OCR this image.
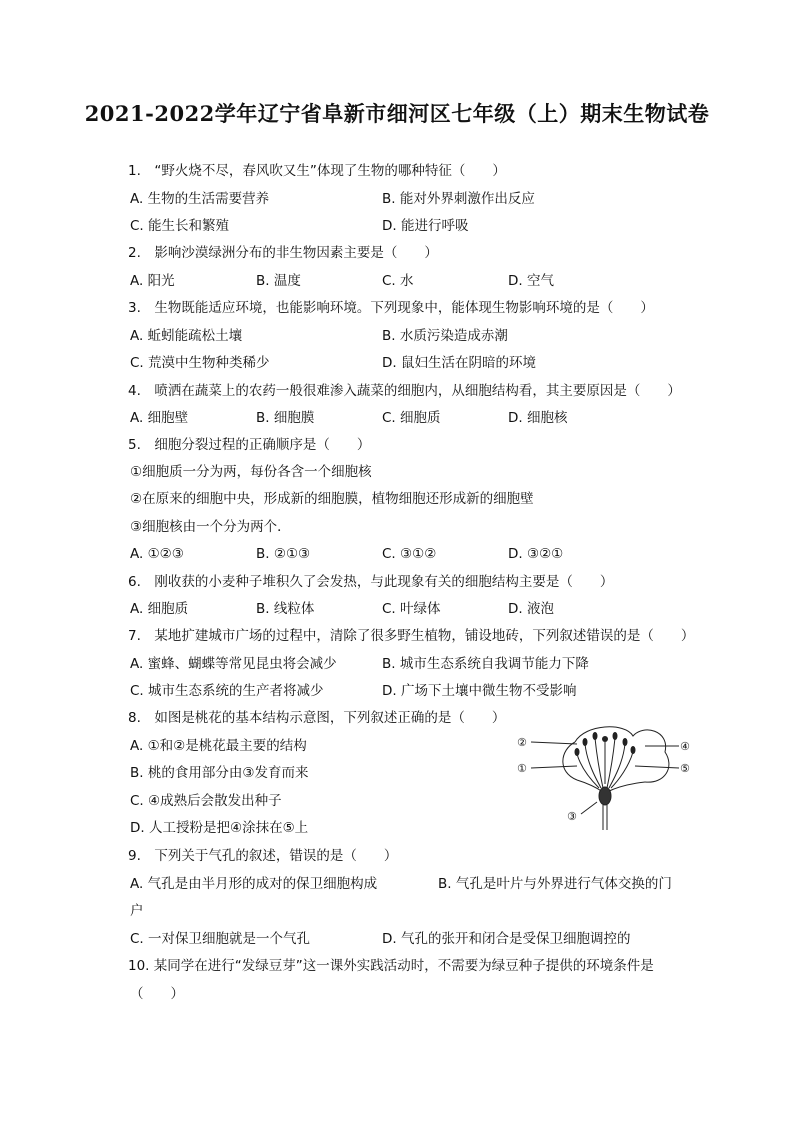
2021-2022学年辽宁省阜新市细河区七年级（上）期末生物试卷
1.　“野火烧不尽，春风吹又生”体现了生物的哪种特征（　　）
A. 生物的生活需要营养	B. 能对外界刺激作出反应
C. 能生长和繁殖	D. 能进行呼吸
2.　影响沙漠绿洲分布的非生物因素主要是（　　）
A. 阳光	B. 温度	C. 水	D. 空气
3.　生物既能适应环境，也能影响环境。下列现象中，能体现生物影响环境的是（　　）
A. 蚯蚓能疏松土壤	B. 水质污染造成赤潮
C. 荒漠中生物种类稀少	D. 鼠妇生活在阴暗的环境
4.　喷洒在蔬菜上的农药一般很难渗入蔬菜的细胞内，从细胞结构看，其主要原因是（　　）
A. 细胞壁	B. 细胞膜	C. 细胞质	D. 细胞核
5.　细胞分裂过程的正确顺序是（　　）
①细胞质一分为两，每份各含一个细胞核
②在原来的细胞中央，形成新的细胞膜，植物细胞还形成新的细胞壁
③细胞核由一个分为两个．
A. ①②③	B. ②①③	C. ③①②	D. ③②①
6.　刚收获的小麦种子堆积久了会发热，与此现象有关的细胞结构主要是（　　）
A. 细胞质	B. 线粒体	C. 叶绿体	D. 液泡
7.　某地扩建城市广场的过程中，清除了很多野生植物，铺设地砖，下列叙述错误的是（　　）
A. 蜜蜂、蝴蝶等常见昆虫将会减少	B. 城市生态系统自我调节能力下降
C. 城市生态系统的生产者将减少	D. 广场下土壤中微生物不受影响
8.　如图是桃花的基本结构示意图，下列叙述正确的是（　　）
A. ①和②是桃花最主要的结构
B. 桃的食用部分由③发育而来
C. ④成熟后会散发出种子
D. 人工授粉是把④涂抹在⑤上
②
①
③
④
⑤
9.　下列关于气孔的叙述，错误的是（　　）
A. 气孔是由半月形的成对的保卫细胞构成	B. 气孔是叶片与外界进行气体交换的门
户
C. 一对保卫细胞就是一个气孔	D. 气孔的张开和闭合是受保卫细胞调控的
10. 某同学在进行“发绿豆芽”这一课外实践活动时，不需要为绿豆种子提供的环境条件是
（　　）
